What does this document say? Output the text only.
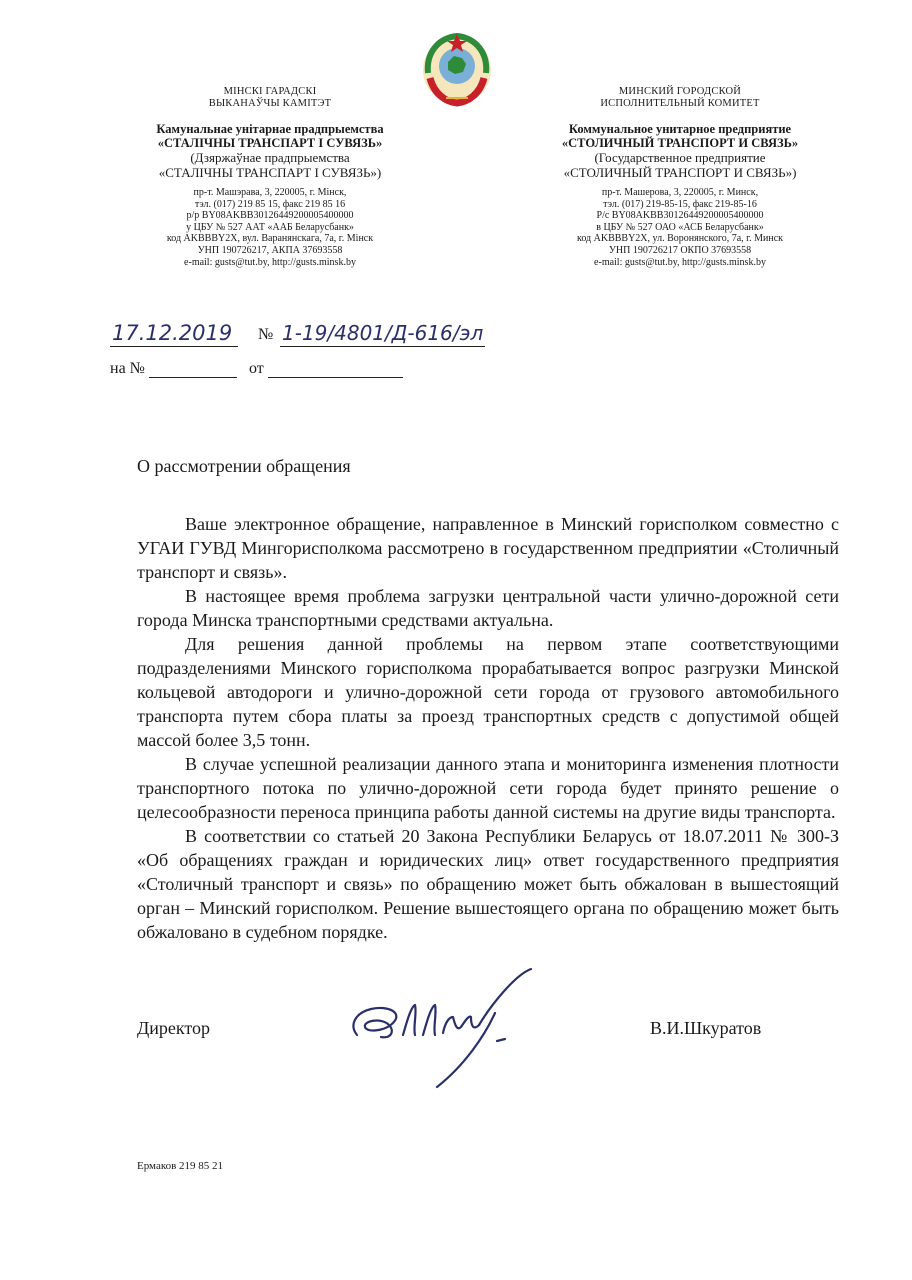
МІНСКІ ГАРАДСКІ
ВЫКАНАЎЧЫ КАМІТЭТ
Камунальнае унітарнае прадпрыемства
«СТАЛІЧНЫ ТРАНСПАРТ І СУВЯЗЬ»
(Дзяржаўнае прадпрыемства
«СТАЛІЧНЫ ТРАНСПАРТ І СУВЯЗЬ»)
пр-т. Машэрава, 3, 220005, г. Мінск,
тэл. (017) 219 85 15, факс 219 85 16
р/р BY08AKBB30126449200005400000
у ЦБУ № 527 ААТ «ААБ Беларусбанк»
код AKBBBY2X, вул. Варанянскага, 7а, г. Мінск
УНП 190726217, АКПА 37693558
e-mail: gusts@tut.by, http://gusts.minsk.by
МИНСКИЙ ГОРОДСКОЙ
ИСПОЛНИТЕЛЬНЫЙ КОМИТЕТ
Коммунальное унитарное предприятие
«СТОЛИЧНЫЙ ТРАНСПОРТ И СВЯЗЬ»
(Государственное предприятие
«СТОЛИЧНЫЙ ТРАНСПОРТ И СВЯЗЬ»)
пр-т. Машерова, 3, 220005, г. Минск,
тэл. (017) 219-85-15, факс 219-85-16
Р/с BY08AKBB30126449200005400000
в ЦБУ № 527 ОАО «АСБ Беларусбанк»
код AKBBBY2X, ул. Воронянского, 7а, г. Минск
УНП 190726217 ОКПО 37693558
e-mail: gusts@tut.by, http://gusts.minsk.by
17.12.2019	№ 1-19/4801/Д-616/эл
на №	от
О рассмотрении обращения

Ваше электронное обращение, направленное в Минский горисполком совместно с УГАИ ГУВД Мингорисполкома рассмотрено в государственном предприятии «Столичный транспорт и связь».

В настоящее время проблема загрузки центральной части улично-дорожной сети города Минска транспортными средствами актуальна.

Для решения данной проблемы на первом этапе соответствующими подразделениями Минского горисполкома прорабатывается вопрос разгрузки Минской кольцевой автодороги и улично-дорожной сети города от грузового автомобильного транспорта путем сбора платы за проезд транспортных средств с допустимой общей массой более 3,5 тонн.

В случае успешной реализации данного этапа и мониторинга изменения плотности транспортного потока по улично-дорожной сети города будет принято решение о целесообразности переноса принципа работы данной системы на другие виды транспорта.

В соответствии со статьей 20 Закона Республики Беларусь от 18.07.2011 № 300-З «Об обращениях граждан и юридических лиц» ответ государственного предприятия «Столичный транспорт и связь» по обращению может быть обжалован в вышестоящий орган – Минский горисполком. Решение вышестоящего органа по обращению может быть обжаловано в судебном порядке.

Директор	В.И.Шкуратов
Ермаков 219 85 21
